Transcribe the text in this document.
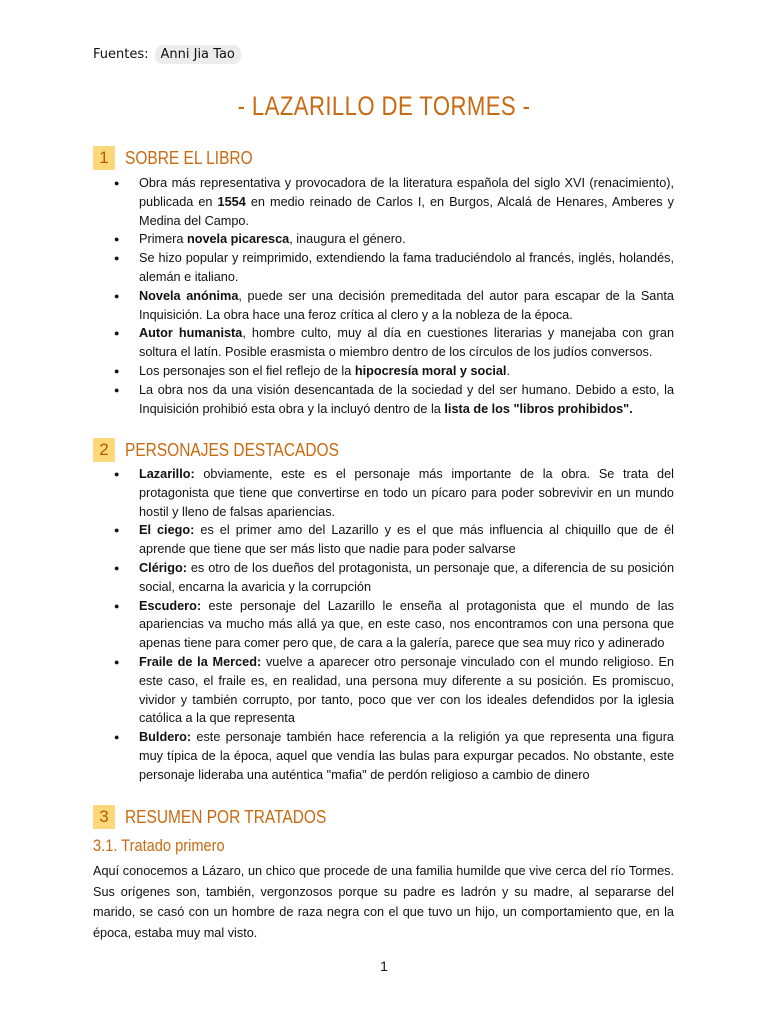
Fuentes: Anni Jia Tao
- LAZARILLO DE TORMES -
1 SOBRE EL LIBRO
● Obra más representativa y provocadora de la literatura española del siglo XVI (renacimiento), publicada en 1554 en medio reinado de Carlos I, en Burgos, Alcalá de Henares, Amberes y Medina del Campo.
● Primera novela picaresca, inaugura el género.
● Se hizo popular y reimprimido, extendiendo la fama traduciéndolo al francés, inglés, holandés, alemán e italiano.
● Novela anónima, puede ser una decisión premeditada del autor para escapar de la Santa Inquisición. La obra hace una feroz crítica al clero y a la nobleza de la época.
● Autor humanista, hombre culto, muy al día en cuestiones literarias y manejaba con gran soltura el latín. Posible erasmista o miembro dentro de los círculos de los judíos conversos.
● Los personajes son el fiel reflejo de la hipocresía moral y social.
● La obra nos da una visión desencantada de la sociedad y del ser humano. Debido a esto, la Inquisición prohibió esta obra y la incluyó dentro de la lista de los "libros prohibidos".
2 PERSONAJES DESTACADOS
● Lazarillo: obviamente, este es el personaje más importante de la obra. Se trata del protagonista que tiene que convertirse en todo un pícaro para poder sobrevivir en un mundo hostil y lleno de falsas apariencias.
● El ciego: es el primer amo del Lazarillo y es el que más influencia al chiquillo que de él aprende que tiene que ser más listo que nadie para poder salvarse
● Clérigo: es otro de los dueños del protagonista, un personaje que, a diferencia de su posición social, encarna la avaricia y la corrupción
● Escudero: este personaje del Lazarillo le enseña al protagonista que el mundo de las apariencias va mucho más allá ya que, en este caso, nos encontramos con una persona que apenas tiene para comer pero que, de cara a la galería, parece que sea muy rico y adinerado
● Fraile de la Merced: vuelve a aparecer otro personaje vinculado con el mundo religioso. En este caso, el fraile es, en realidad, una persona muy diferente a su posición. Es promiscuo, vividor y también corrupto, por tanto, poco que ver con los ideales defendidos por la iglesia católica a la que representa
● Buldero: este personaje también hace referencia a la religión ya que representa una figura muy típica de la época, aquel que vendía las bulas para expurgar pecados. No obstante, este personaje lideraba una auténtica "mafia" de perdón religioso a cambio de dinero
3 RESUMEN POR TRATADOS
3.1. Tratado primero

Aquí conocemos a Lázaro, un chico que procede de una familia humilde que vive cerca del río Tormes. Sus orígenes son, también, vergonzosos porque su padre es ladrón y su madre, al separarse del marido, se casó con un hombre de raza negra con el que tuvo un hijo, un comportamiento que, en la época, estaba muy mal visto.

1
